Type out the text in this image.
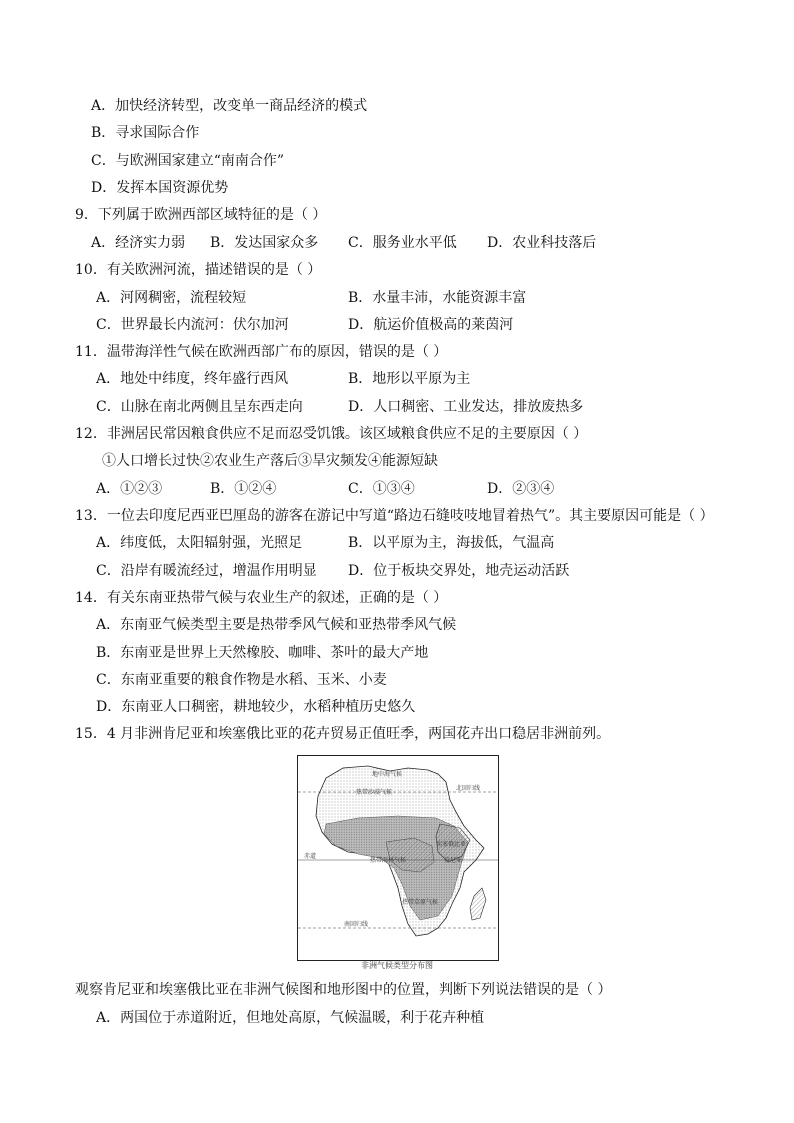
A．加快经济转型，改变单一商品经济的模式
B．寻求国际合作
C．与欧洲国家建立“南南合作”
D．发挥本国资源优势
9．下列属于欧洲西部区域特征的是（ ）
A．经济实力弱 B．发达国家众多 C．服务业水平低 D．农业科技落后
10．有关欧洲河流，描述错误的是（ ）
A．河网稠密，流程较短	B．水量丰沛，水能资源丰富
C．世界最长内流河：伏尔加河	D．航运价值极高的莱茵河
11．温带海洋性气候在欧洲西部广布的原因，错误的是（ ）
A．地处中纬度，终年盛行西风	B．地形以平原为主
C．山脉在南北两侧且呈东西走向	D．人口稠密、工业发达，排放废热多
12．非洲居民常因粮食供应不足而忍受饥饿。该区域粮食供应不足的主要原因（ ）
①人口增长过快②农业生产落后③旱灾频发④能源短缺
A．①②③	B．①②④	C．①③④	D．②③④
13．一位去印度尼西亚巴厘岛的游客在游记中写道“路边石缝吱吱地冒着热气”。其主要原因可能是（ ）
A．纬度低，太阳辐射强，光照足	B．以平原为主，海拔低，气温高
C．沿岸有暖流经过，增温作用明显 D．位于板块交界处，地壳运动活跃
14．有关东南亚热带气候与农业生产的叙述，正确的是（ ）
A．东南亚气候类型主要是热带季风气候和亚热带季风气候
B．东南亚是世界上天然橡胶、咖啡、茶叶的最大产地
C．东南亚重要的粮食作物是水稻、玉米、小麦
D．东南亚人口稠密，耕地较少，水稻种植历史悠久
15．4 月非洲肯尼亚和埃塞俄比亚的花卉贸易正值旺季，两国花卉出口稳居非洲前列。
地中海气候
热带沙漠气候
北回归线
埃塞俄比亚
赤道
热带雨林气候	肯尼亚
热带草原气候
南回归线
非洲气候类型分布图
观察肯尼亚和埃塞俄比亚在非洲气候图和地形图中的位置，判断下列说法错误的是（ ）
A．两国位于赤道附近，但地处高原，气候温暖，利于花卉种植
